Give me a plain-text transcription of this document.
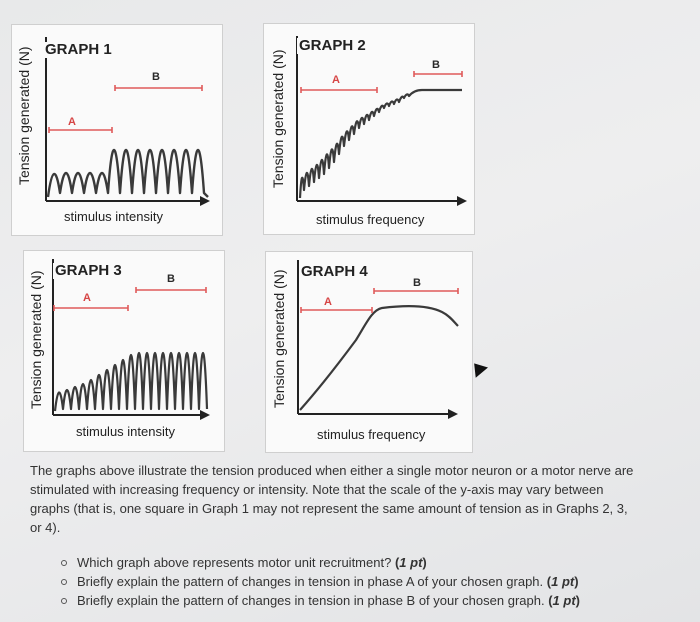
A
B
GRAPH 1
Tension generated (N)
stimulus intensity
A
B
GRAPH 2
Tension generated (N)
stimulus frequency
A
B
GRAPH 3
Tension generated (N)
stimulus intensity
A
B
GRAPH 4
Tension generated (N)
stimulus frequency
The graphs above illustrate the tension produced when either a single motor neuron or a motor nerve are stimulated with increasing frequency or intensity. Note that the scale of the y-axis may vary between graphs (that is, one square in Graph 1 may not represent the same amount of tension as in Graphs 2, 3, or 4).
Which graph above represents motor unit recruitment? (1 pt)
Briefly explain the pattern of changes in tension in phase A of your chosen graph. (1 pt)
Briefly explain the pattern of changes in tension in phase B of your chosen graph. (1 pt)
